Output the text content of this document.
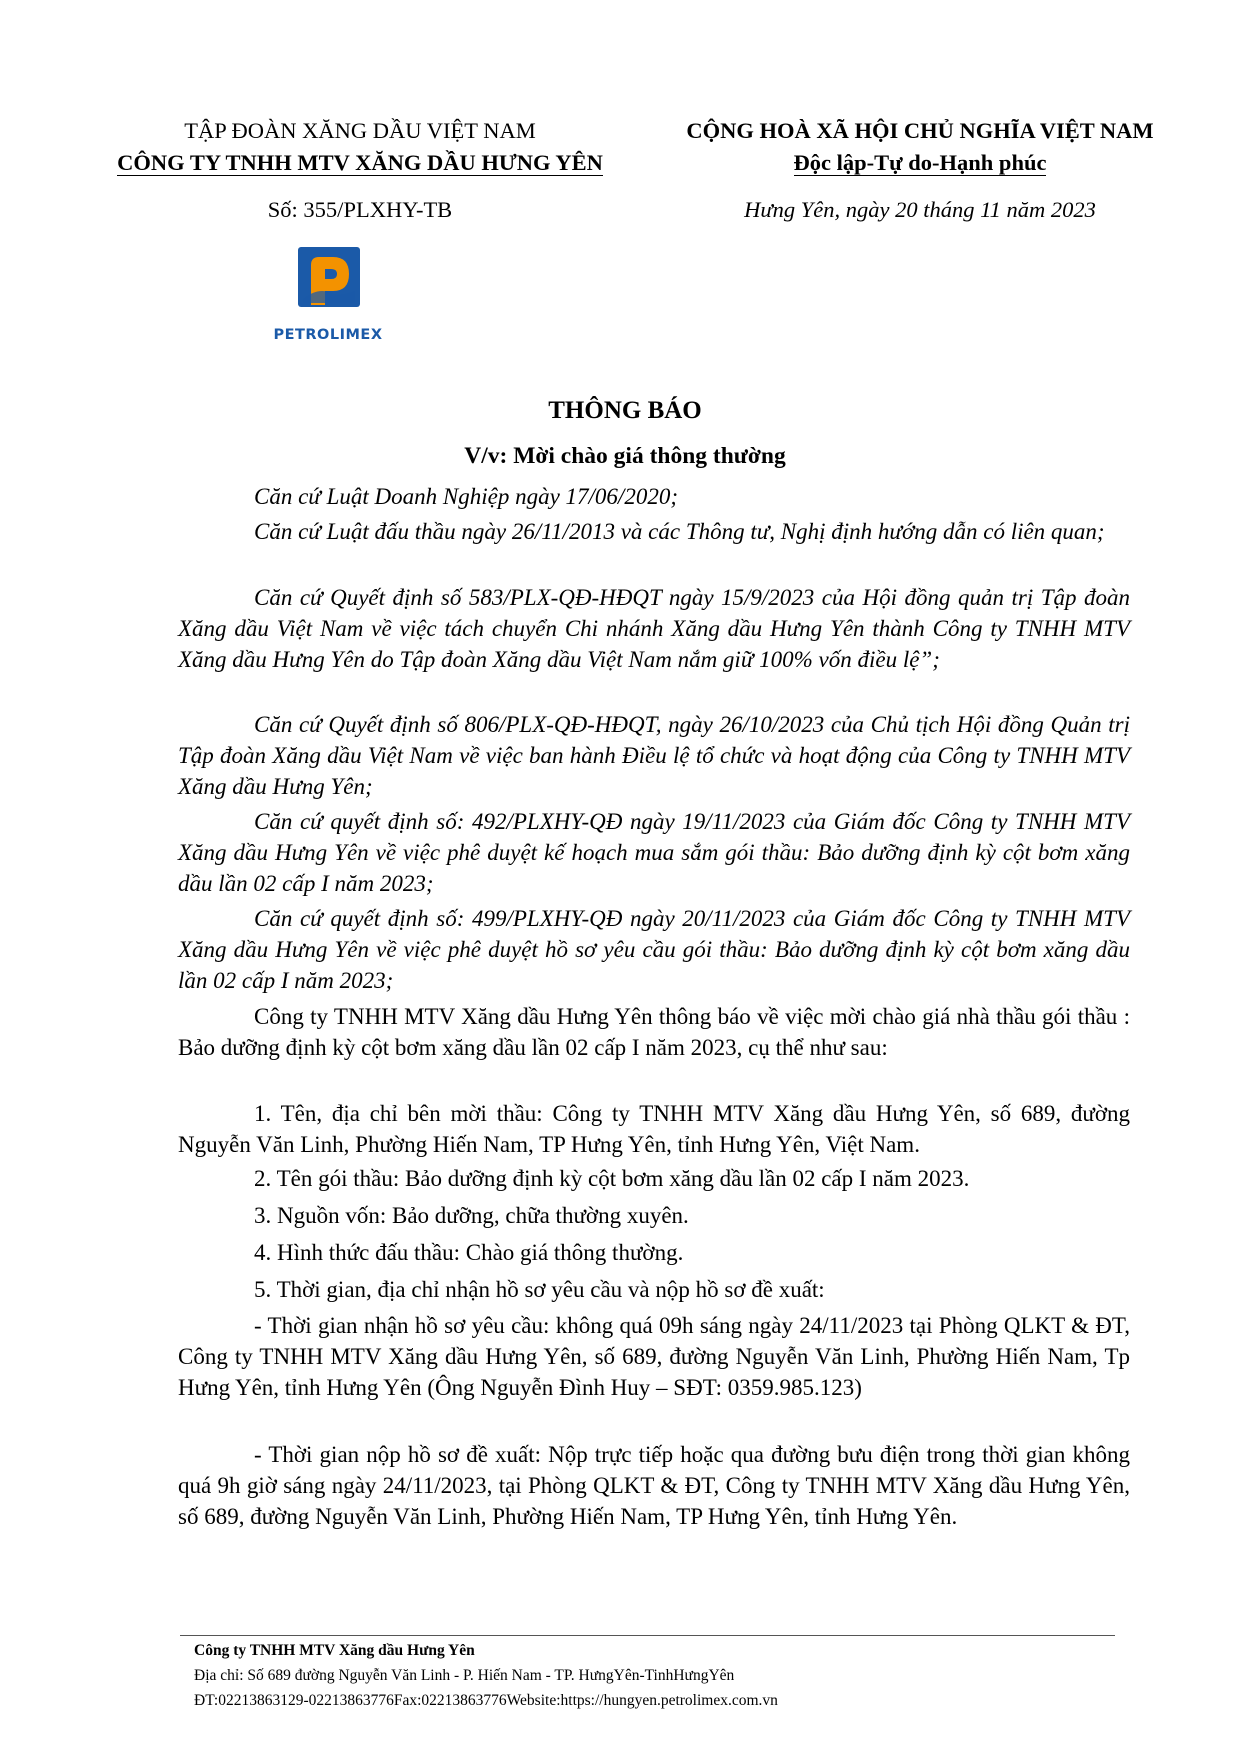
TẬP ĐOÀN XĂNG DẦU VIỆT NAM
CÔNG TY TNHH MTV XĂNG DẦU HƯNG YÊN
CỘNG HOÀ XÃ HỘI CHỦ NGHĨA VIỆT NAM
Độc lập-Tự do-Hạnh phúc
Số: 355/PLXHY-TB	Hưng Yên, ngày 20 tháng 11 năm 2023
PETROLIMEX
THÔNG BÁO
V/v: Mời chào giá thông thường
Căn cứ Luật Doanh Nghiệp ngày 17/06/2020;
Căn cứ Luật đấu thầu ngày 26/11/2013 và các Thông tư, Nghị định hướng dẫn có liên quan;
Căn cứ Quyết định số 583/PLX-QĐ-HĐQT ngày 15/9/2023 của Hội đồng quản trị Tập đoàn Xăng dầu Việt Nam về việc tách chuyển Chi nhánh Xăng dầu Hưng Yên thành Công ty TNHH MTV Xăng dầu Hưng Yên do Tập đoàn Xăng dầu Việt Nam nắm giữ 100% vốn điều lệ”;
Căn cứ Quyết định số 806/PLX-QĐ-HĐQT, ngày 26/10/2023 của Chủ tịch Hội đồng Quản trị Tập đoàn Xăng dầu Việt Nam về việc ban hành Điều lệ tổ chức và hoạt động của Công ty TNHH MTV Xăng dầu Hưng Yên;
Căn cứ quyết định số: 492/PLXHY-QĐ ngày 19/11/2023 của Giám đốc Công ty TNHH MTV Xăng dầu Hưng Yên về việc phê duyệt kế hoạch mua sắm gói thầu: Bảo dưỡng định kỳ cột bơm xăng dầu lần 02 cấp I năm 2023;
Căn cứ quyết định số: 499/PLXHY-QĐ ngày 20/11/2023 của Giám đốc Công ty TNHH MTV Xăng dầu Hưng Yên về việc phê duyệt hồ sơ yêu cầu gói thầu: Bảo dưỡng định kỳ cột bơm xăng dầu lần 02 cấp I năm 2023;
Công ty TNHH MTV Xăng dầu Hưng Yên thông báo về việc mời chào giá nhà thầu gói thầu : Bảo dưỡng định kỳ cột bơm xăng dầu lần 02 cấp I năm 2023, cụ thể như sau:
1. Tên, địa chỉ bên mời thầu: Công ty TNHH MTV Xăng dầu Hưng Yên, số 689, đường Nguyễn Văn Linh, Phường Hiến Nam, TP Hưng Yên, tỉnh Hưng Yên, Việt Nam.
2. Tên gói thầu: Bảo dưỡng định kỳ cột bơm xăng dầu lần 02 cấp I năm 2023.
3. Nguồn vốn: Bảo dưỡng, chữa thường xuyên.
4. Hình thức đấu thầu: Chào giá thông thường.
5. Thời gian, địa chỉ nhận hồ sơ yêu cầu và nộp hồ sơ đề xuất:
- Thời gian nhận hồ sơ yêu cầu: không quá 09h sáng ngày 24/11/2023 tại Phòng QLKT & ĐT, Công ty TNHH MTV Xăng dầu Hưng Yên, số 689, đường Nguyễn Văn Linh, Phường Hiến Nam, Tp Hưng Yên, tỉnh Hưng Yên (Ông Nguyễn Đình Huy – SĐT: 0359.985.123)
- Thời gian nộp hồ sơ đề xuất: Nộp trực tiếp hoặc qua đường bưu điện trong thời gian không quá 9h giờ sáng ngày 24/11/2023, tại Phòng QLKT & ĐT, Công ty TNHH MTV Xăng dầu Hưng Yên, số 689, đường Nguyễn Văn Linh, Phường Hiến Nam, TP Hưng Yên, tỉnh Hưng Yên.
Công ty TNHH MTV Xăng dầu Hưng Yên
Địa chỉ: Số 689 đường Nguyễn Văn Linh - P. Hiến Nam - TP. HưngYên-TinhHưngYên
ĐT:02213863129-02213863776Fax:02213863776Website:https://hungyen.petrolimex.com.vn
